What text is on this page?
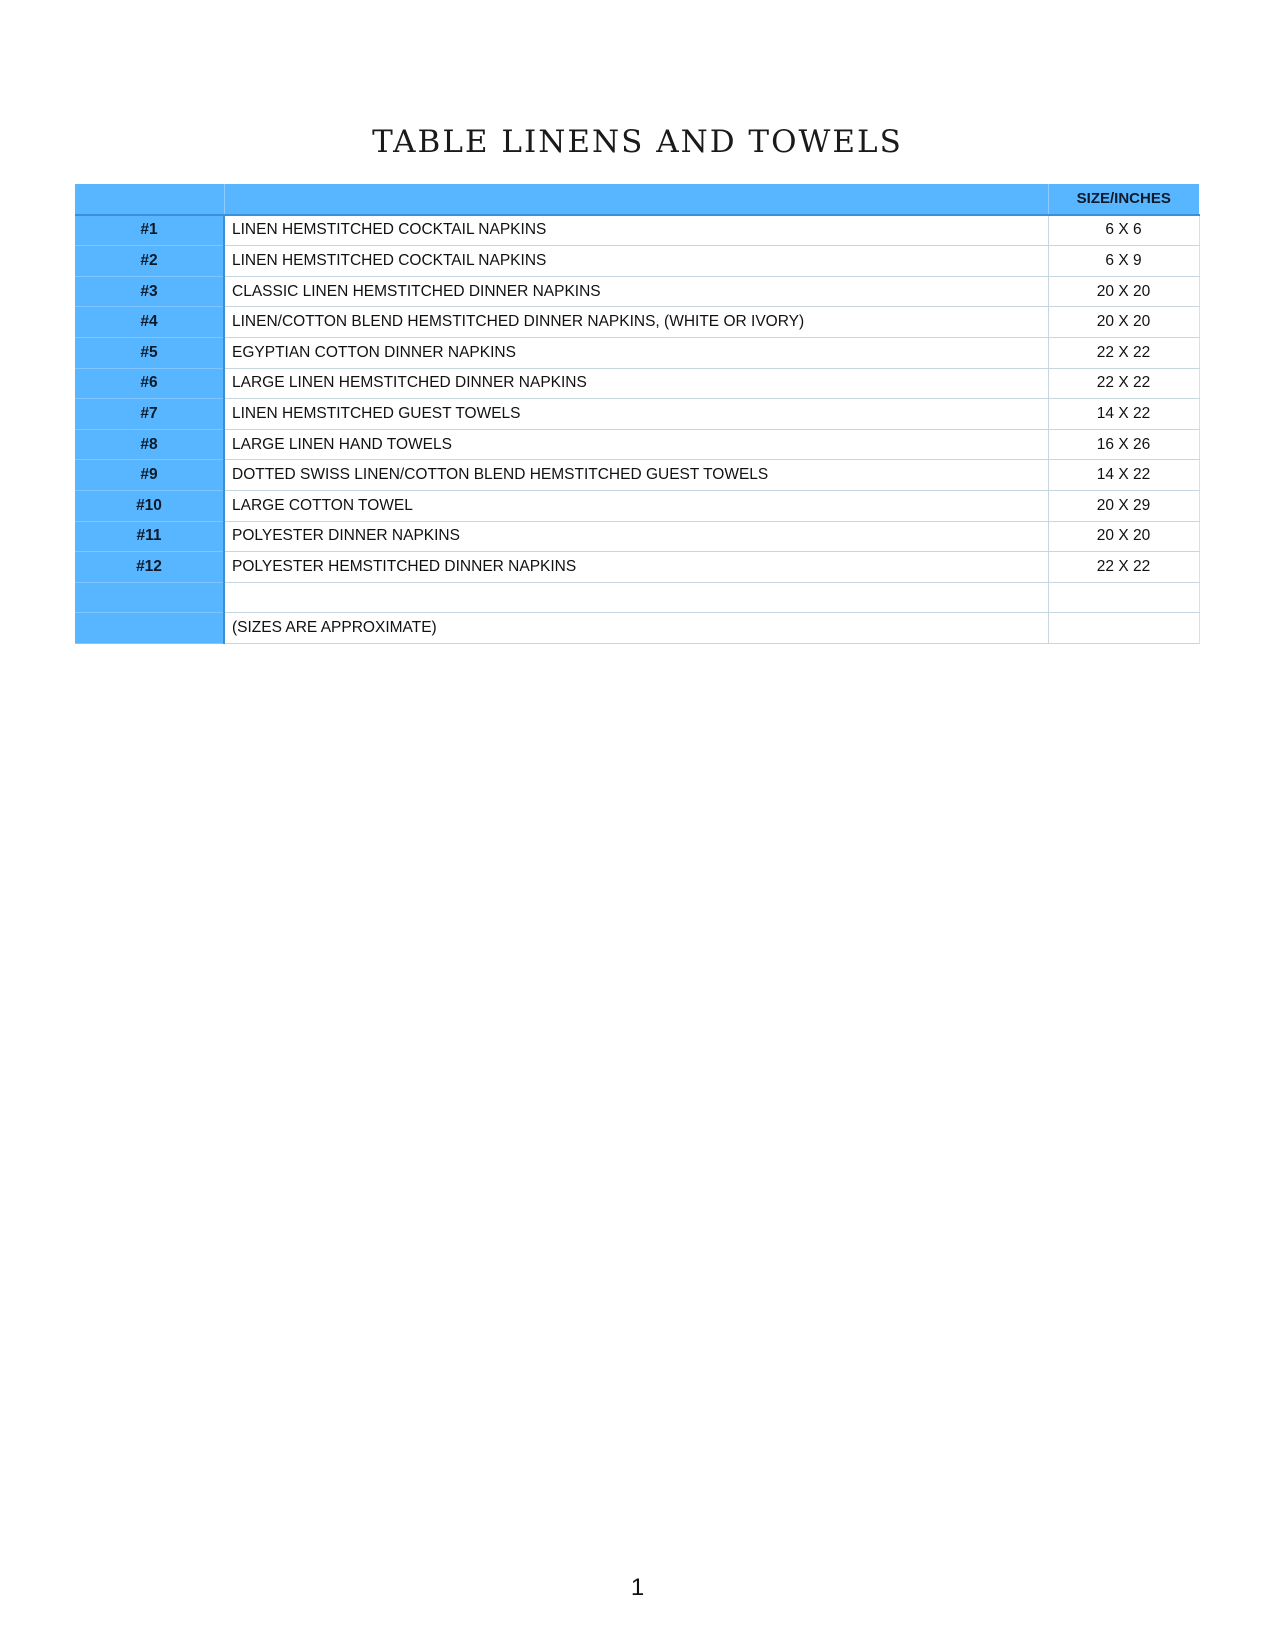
TABLE LINENS AND TOWELS
		SIZE/INCHES
#1	LINEN HEMSTITCHED COCKTAIL NAPKINS	6 X 6
#2	LINEN HEMSTITCHED COCKTAIL NAPKINS	6 X 9
#3	CLASSIC LINEN HEMSTITCHED DINNER NAPKINS	20 X 20
#4	LINEN/COTTON BLEND HEMSTITCHED DINNER NAPKINS, (WHITE OR IVORY)	20 X 20
#5	EGYPTIAN COTTON DINNER NAPKINS	22 X 22
#6	LARGE LINEN HEMSTITCHED DINNER NAPKINS	22 X 22
#7	LINEN HEMSTITCHED GUEST TOWELS	14 X 22
#8	LARGE LINEN HAND TOWELS	16 X 26
#9	DOTTED SWISS LINEN/COTTON BLEND HEMSTITCHED GUEST TOWELS	14 X 22
#10	LARGE COTTON TOWEL	20 X 29
#11	POLYESTER DINNER NAPKINS	20 X 20
#12	POLYESTER HEMSTITCHED DINNER NAPKINS	22 X 22

	(SIZES ARE APPROXIMATE)	
1
